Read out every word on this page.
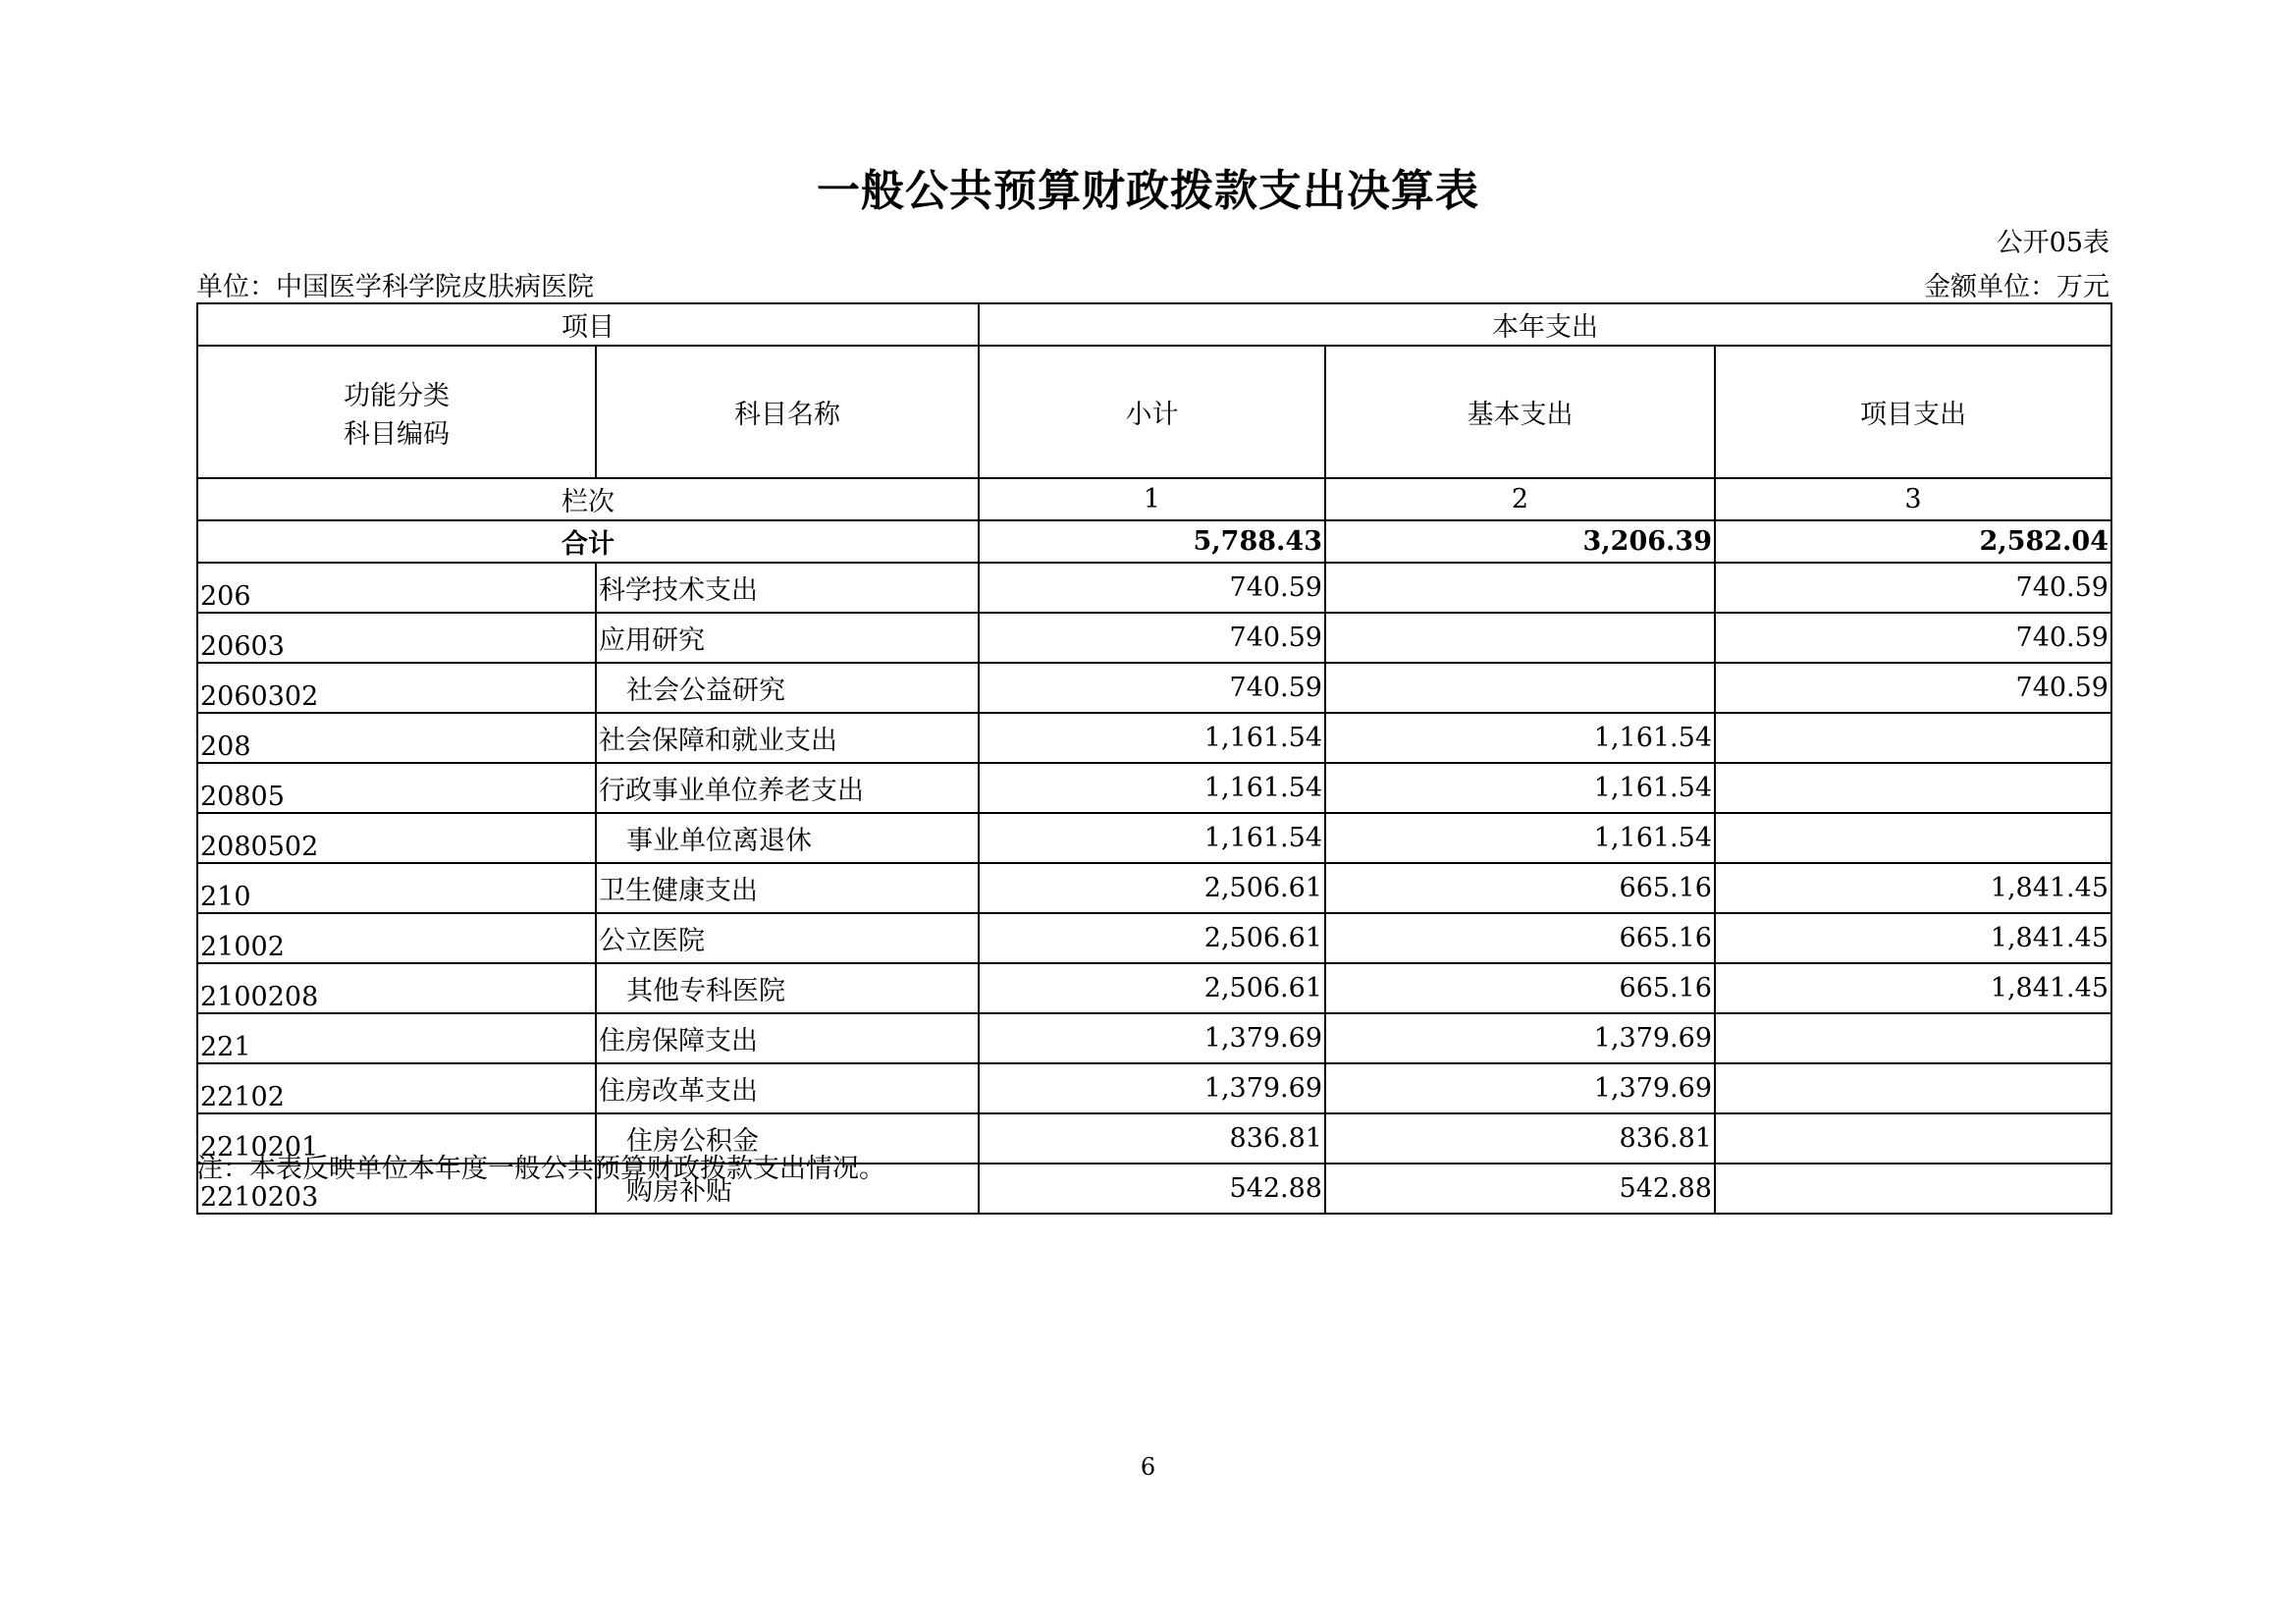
一般公共预算财政拨款支出决算表
公开05表
单位：中国医学科学院皮肤病医院	金额单位：万元
项目		本年支出		

功能分类
科目编码	科目名称	小计	基本支出	项目支出
栏次		1	2	3
合计		5,788.43	3,206.39	2,582.04
206	科学技术支出	740.59		740.59
20603	应用研究	740.59		740.59
2060302	社会公益研究	740.59		740.59
208	社会保障和就业支出	1,161.54	1,161.54	
20805	行政事业单位养老支出	1,161.54	1,161.54	
2080502	事业单位离退休	1,161.54	1,161.54	
210	卫生健康支出	2,506.61	665.16	1,841.45
21002	公立医院	2,506.61	665.16	1,841.45
2100208	其他专科医院	2,506.61	665.16	1,841.45
221	住房保障支出	1,379.69	1,379.69	
22102	住房改革支出	1,379.69	1,379.69	
2210201	住房公积金	836.81	836.81	
2210203	购房补贴	542.88	542.88	
注：本表反映单位本年度一般公共预算财政拨款支出情况。
6
